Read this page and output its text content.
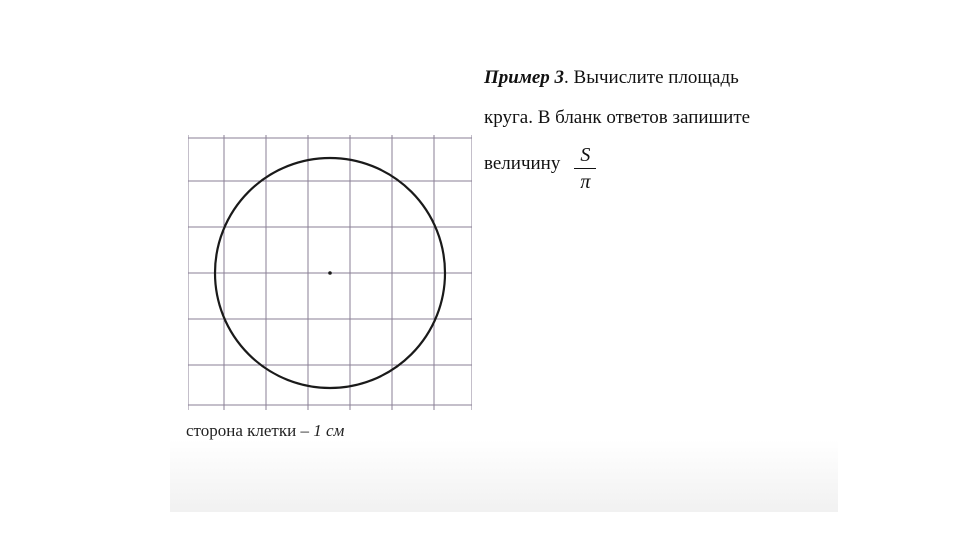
Пример 3. Вычислите площадь

круга. В бланк ответов запишите

величину $\frac{S}{\pi}$

сторона клетки – 1 см
